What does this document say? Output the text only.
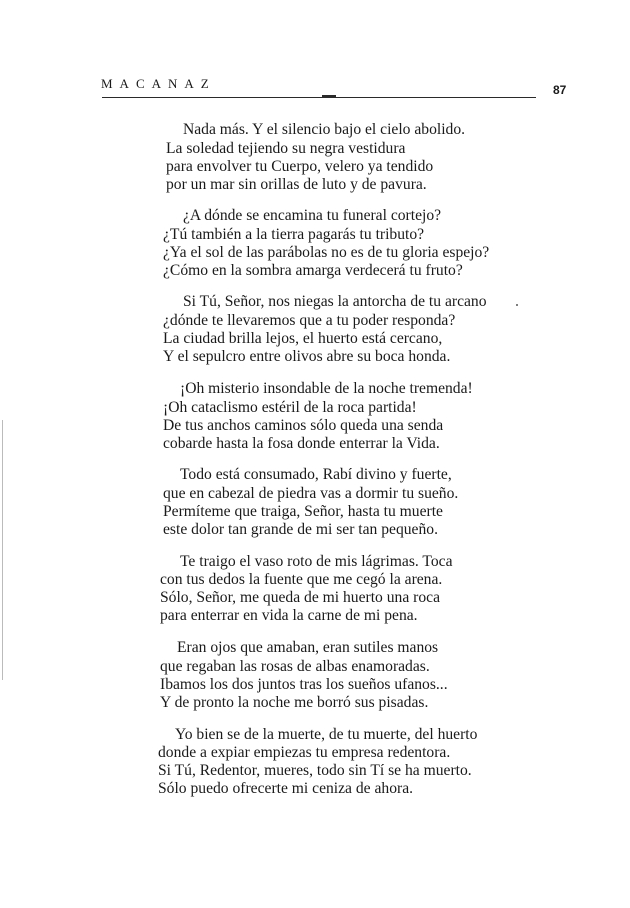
MACANAZ	87
Nada más. Y el silencio bajo el cielo abolido.
La soledad tejiendo su negra vestidura
para envolver tu Cuerpo, velero ya tendido
por un mar sin orillas de luto y de pavura.
¿A dónde se encamina tu funeral cortejo?
¿Tú también a la tierra pagarás tu tributo?
¿Ya el sol de las parábolas no es de tu gloria espejo?
¿Cómo en la sombra amarga verdecerá tu fruto?
Si Tú, Señor, nos niegas la antorcha de tu arcano
¿dónde te llevaremos que a tu poder responda?
La ciudad brilla lejos, el huerto está cercano,
Y el sepulcro entre olivos abre su boca honda.
¡Oh misterio insondable de la noche tremenda!
¡Oh cataclismo estéril de la roca partida!
De tus anchos caminos sólo queda una senda
cobarde hasta la fosa donde enterrar la Vida.
Todo está consumado, Rabí divino y fuerte,
que en cabezal de piedra vas a dormir tu sueño.
Permíteme que traiga, Señor, hasta tu muerte
este dolor tan grande de mi ser tan pequeño.
Te traigo el vaso roto de mis lágrimas. Toca
con tus dedos la fuente que me cegó la arena.
Sólo, Señor, me queda de mi huerto una roca
para enterrar en vida la carne de mi pena.
Eran ojos que amaban, eran sutiles manos
que regaban las rosas de albas enamoradas.
Ibamos los dos juntos tras los sueños ufanos...
Y de pronto la noche me borró sus pisadas.
Yo bien se de la muerte, de tu muerte, del huerto
donde a expiar empiezas tu empresa redentora.
Si Tú, Redentor, mueres, todo sin Tí se ha muerto.
Sólo puedo ofrecerte mi ceniza de ahora.
